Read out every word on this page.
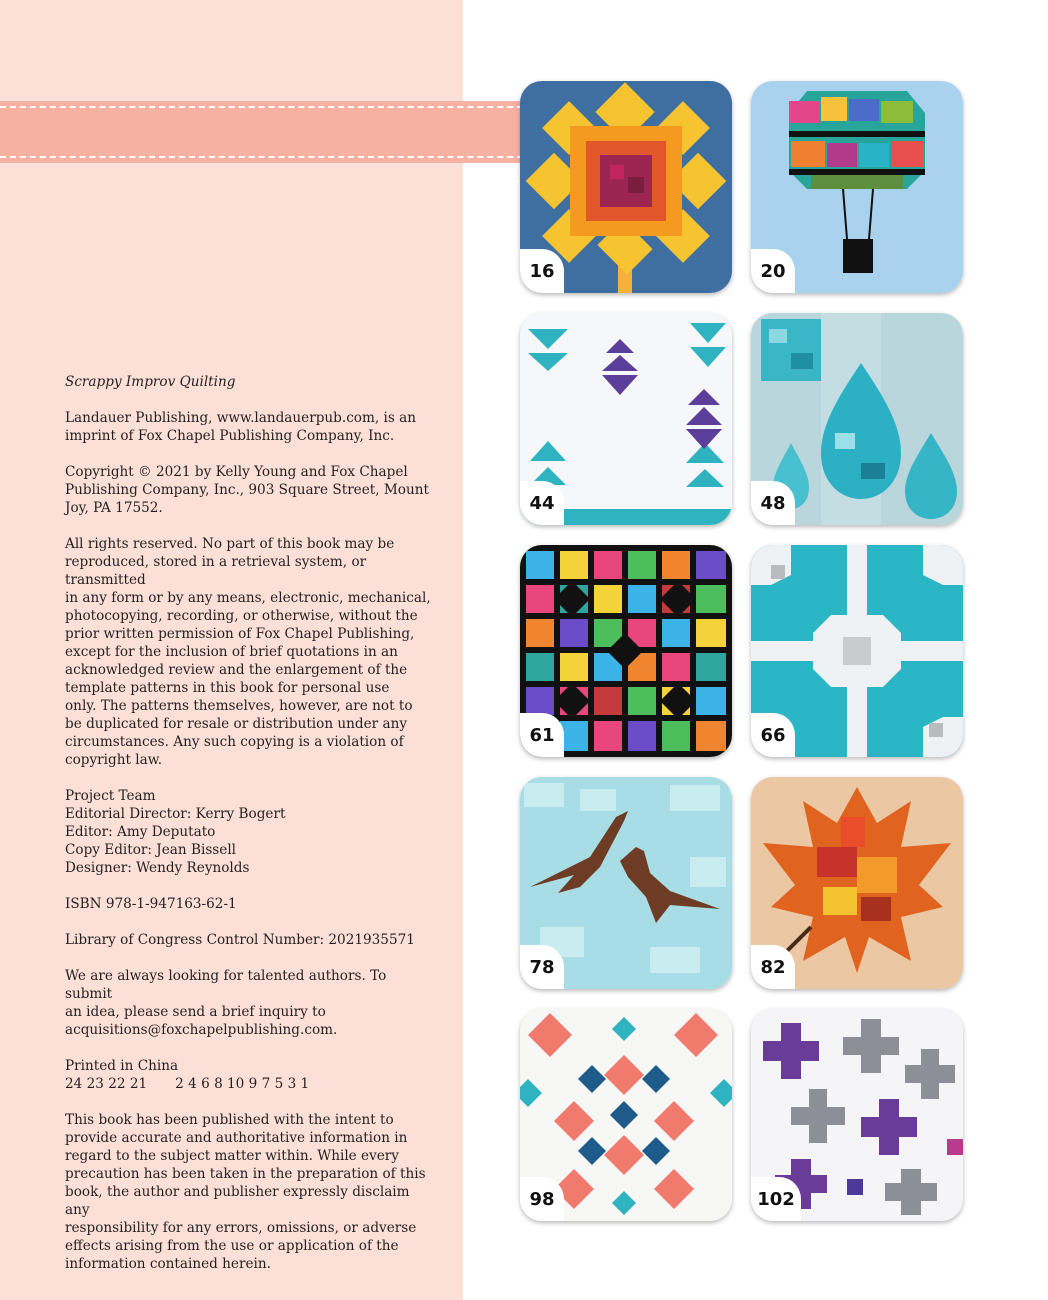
Scrappy Improv Quilting

Landauer Publishing, www.landauerpub.com, is an
imprint of Fox Chapel Publishing Company, Inc.

Copyright © 2021 by Kelly Young and Fox Chapel
Publishing Company, Inc., 903 Square Street, Mount
Joy, PA 17552.

All rights reserved. No part of this book may be
reproduced, stored in a retrieval system, or transmitted
in any form or by any means, electronic, mechanical,
photocopying, recording, or otherwise, without the
prior written permission of Fox Chapel Publishing,
except for the inclusion of brief quotations in an
acknowledged review and the enlargement of the
template patterns in this book for personal use
only. The patterns themselves, however, are not to
be duplicated for resale or distribution under any
circumstances. Any such copying is a violation of
copyright law.

Project Team
Editorial Director: Kerry Bogert
Editor: Amy Deputato
Copy Editor: Jean Bissell
Designer: Wendy Reynolds

ISBN 978-1-947163-62-1

Library of Congress Control Number: 2021935571

We are always looking for talented authors. To submit
an idea, please send a brief inquiry to
acquisitions@foxchapelpublishing.com.

Printed in China
24 23 22 21 2 4 6 8 10 9 7 5 3 1

This book has been published with the intent to
provide accurate and authoritative information in
regard to the subject matter within. While every
precaution has been taken in the preparation of this
book, the author and publisher expressly disclaim any
responsibility for any errors, omissions, or adverse
effects arising from the use or application of the
information contained herein.

16	20
44	48
61	66
78	82
98	102
